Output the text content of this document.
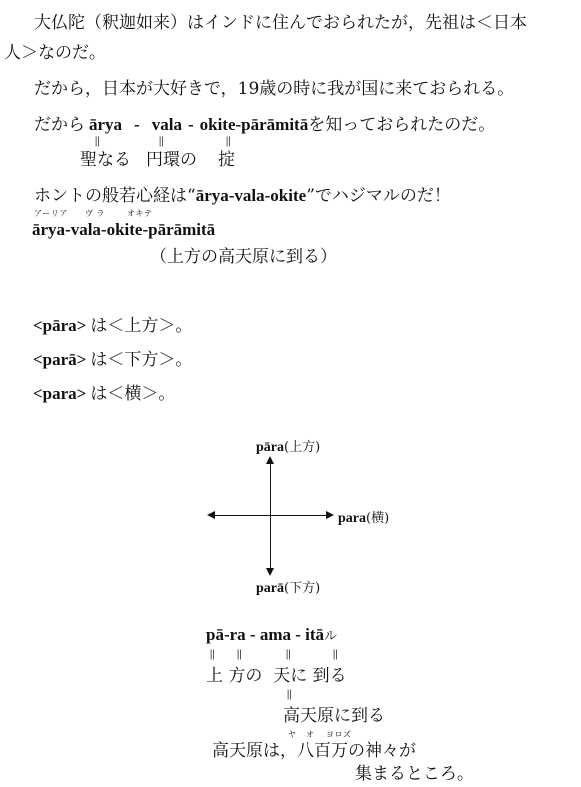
大仏陀（釈迦如来）はインドに住んでおられたが，先祖は＜日本
人＞なのだ。
だから，日本が大好きで，19歳の時に我が国に来ておられる。
だから ārya - vala - okite-pārāmitāを知っておられたのだ。
||	||	||
聖なる 円環の 掟
ホントの般若心経は“ārya-vala-okite”でハジマルのだ！
アーリア ヴ ラ	オキテ
ārya-vala-okite-pārāmitā
（上方の高天原に到る）
<pāra> は＜上方＞。
<parā> は＜下方＞。
<para> は＜横＞。
pāra(上方)
para(横)
parā(下方)
pā-ra - ama - itāル
|| ||	||	||
上 方の  天に 到る
||
高天原に到る
ヤ オ ヨロズ
高天原は，八百万の神々が
集まるところ。
